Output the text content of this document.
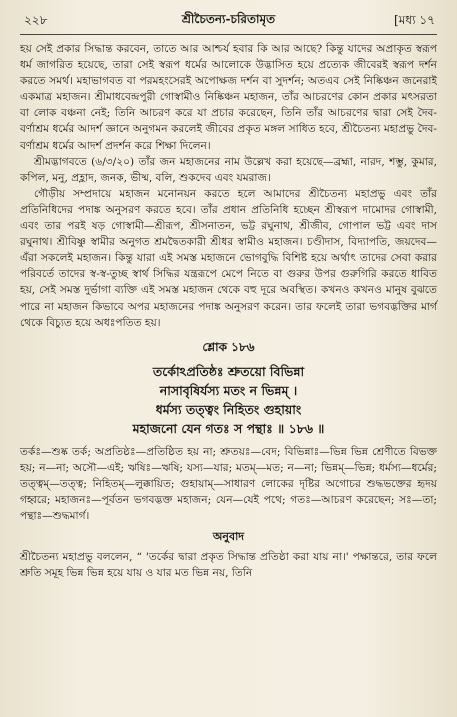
২২৮	শ্রীচৈতন্য-চরিতামৃত	[মধ্য ১৭

হয় সেই প্রকার সিদ্ধান্ত করবেন, তাতে আর আশ্চর্য হবার কি আর আছে? কিন্তু যাদের অপ্রাকৃত স্বরূপ ধর্ম জাগরিত হয়েছে, তারা সেই স্বরূপ ধর্মের আলোকে উদ্ভাসিত হয়ে প্রত্যেক জীবেরই স্বরূপ দর্শন করতে সমর্থ। মহাভাগবত বা পরমহংসেরই অপোক্ষজ দর্শন বা সুদর্শন; অতএব সেই নিষ্কিঞ্চন জনেরাই একমাত্র মহাজন। শ্রীমাধবেন্দ্রপুরী গোস্বামীও নিষ্কিঞ্চন মহাজন, তাঁর আচরণের কোন প্রকার মৎসরতা বা লোক বঞ্চনা নেই; তিনি আচরণ করে যা প্রচার করেছেন, তিনি তাঁর আচরণের দ্বারা সেই দৈব-বর্ণাশ্রম ধর্মের আদর্শ জ্ঞানে অনুগমন করলেই জীবের প্রকৃত মঙ্গল সাধিত হবে, শ্রীচৈতন্য মহাপ্রভু দৈব-বর্ণাশ্রম ধর্মের আদর্শ প্রদর্শন করে শিক্ষা দিলেন।

শ্রীমদ্ভাগবতে (৬/৩/২০) তাঁর জন মহাজনের নাম উল্লেখ করা হয়েছে—ব্রহ্মা, নারদ, শম্ভু, কুমার, কপিল, মনু, প্রহ্লাদ, জনক, ভীষ্ম, বলি, শুকদেব এবং যমরাজ।

গৌড়ীয় সম্প্রদায়ে মহাজন মনোনয়ন করতে হলে আমাদের শ্রীচৈতন্য মহাপ্রভু এবং তাঁর প্রতিনিধিদের পদাঙ্ক অনুসরণ করতে হবে। তাঁর প্রধান প্রতিনিধি হচ্ছেন শ্রীস্বরূপ দামোদর গোস্বামী, এবং তার পরই ষড় গোস্বামী—শ্রীরূপ, শ্রীসনাতন, ভট্ট রঘুনাথ, শ্রীজীব, গোপাল ভট্ট এবং দাস রঘুনাথ। শ্রীবিষ্ণু স্বামীর অনুগত শ্রমদ্বৈতকারী শ্রীধর স্বামীও মহাজন। চণ্ডীদাস, বিদ্যাপতি, জয়দেব—এঁরা সকলেই মহাজন। কিন্তু যারা এই সমস্ত মহাজনে ভোগবুদ্ধি বিশিষ্ট হয়ে অর্থাৎ তাদের সেবা করার পরিবর্তে তাদের স্ব-স্ব-তুচ্ছ স্বার্থ সিদ্ধির যন্ত্ররূপে মেপে নিতে বা গুরুর উপর গুরুগিরি করতে ধাবিত হয়, সেই সমস্ত দুর্ভাগা ব্যক্তি এই সমস্ত মহাজন থেকে বহু দূরে অবস্থিত। কখনও কখনও মানুষ বুঝতে পারে না মহাজন কিভাবে অপর মহাজনের পদাঙ্ক অনুসরণ করেন। তার ফলেই তারা ভগবদ্ভক্তির মার্গ থেকে বিচ্যুত হয়ে অধঃপতিত হয়।

শ্লোক ১৮৬
তর্কোঽপ্রতিষ্ঠঃ শ্রুতয়ো বিভিন্না
নাসাবৃষির্যস্য মতং ন ভিন্নম্ ।
ধর্মস্য তত্ত্বং নিহিতং গুহায়াং
মহাজনো যেন গতঃ স পন্থাঃ ॥ ১৮৬ ॥

তর্কঃ—শুষ্ক তর্ক; অপ্রতিষ্ঠঃ—প্রতিষ্ঠিত হয় না; শ্রুতয়ঃ—বেদ; বিভিন্নাঃ—ভিন্ন ভিন্ন শ্রেণীতে বিভক্ত হয়; ন—না; অসৌ—এই; ঋষিঃ—ঋষি; যস্য—যার; মতম্—মত; ন—না; ভিন্নম্—ভিন্ন; ধর্মস্য—ধর্মের; তত্ত্বম্—তত্ত্ব; নিহিতম্—লুক্কায়িত; গুহায়াম্—সাধারণ লোকের দৃষ্টির অগোচর শুদ্ধভক্তের হৃদয় গহ্বরে; মহাজনঃ—পূর্বতন ভগবদ্ভক্ত মহাজন; যেন—যেই পথে; গতঃ—আচরণ করেছেন; সঃ—তা; পন্থাঃ—শুদ্ধমার্গ।

অনুবাদ

শ্রীচৈতন্য মহাপ্রভু বললেন, “ 'তর্কের দ্বারা প্রকৃত সিদ্ধান্ত প্রতিষ্ঠা করা যায় না।' পক্ষান্তরে, তার ফলে শ্রুতি সমূহ ভিন্ন ভিন্ন হয়ে যায় ও যার মত ভিন্ন নয়, তিনি
